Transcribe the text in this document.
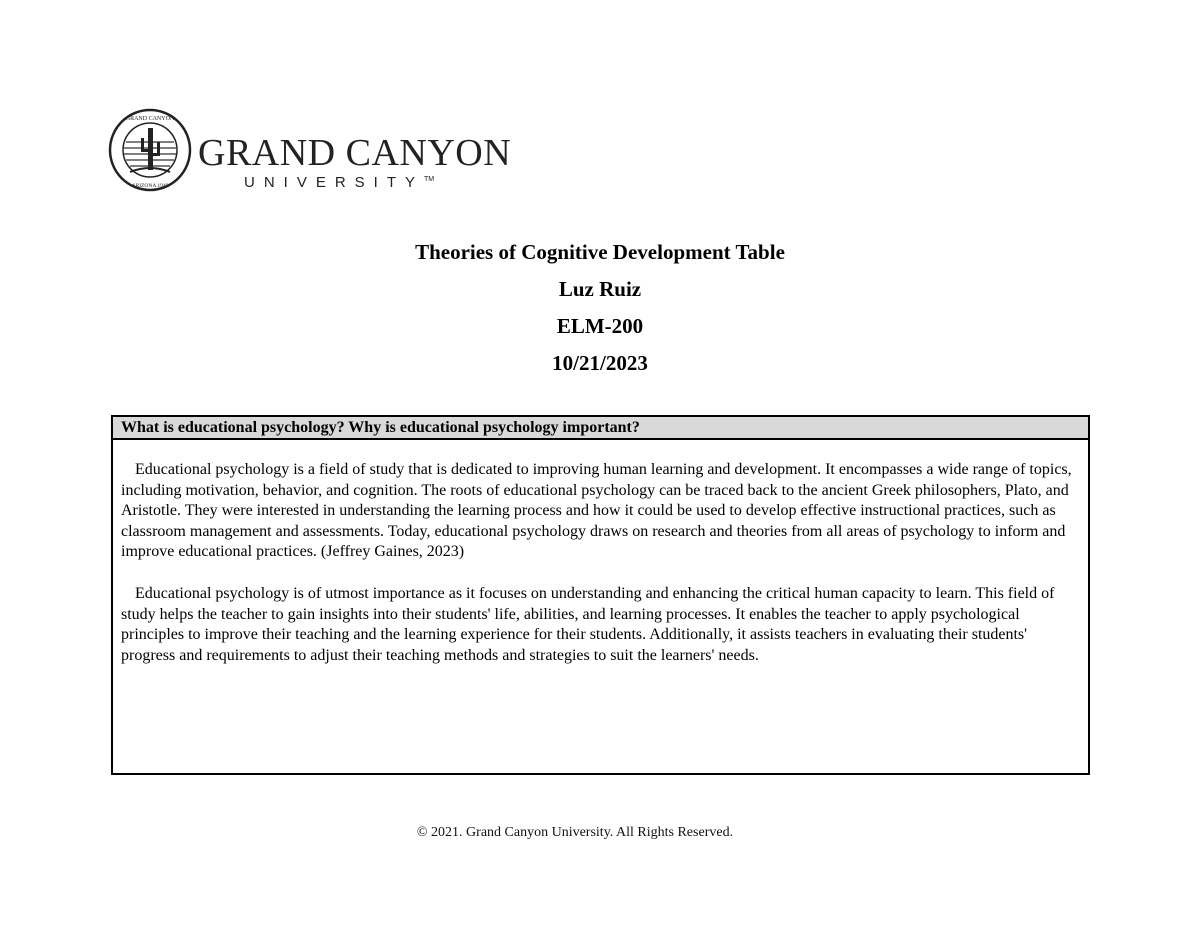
GRAND CANYON
ARIZONA 1949
GRAND CANYON
UNIVERSITY™
Theories of Cognitive Development Table
Luz Ruiz
ELM-200
10/21/2023
What is educational psychology? Why is educational psychology important?

Educational psychology is a field of study that is dedicated to improving human learning and development. It encompasses a wide range of topics, including motivation, behavior, and cognition. The roots of educational psychology can be traced back to the ancient Greek philosophers, Plato, and Aristotle. They were interested in understanding the learning process and how it could be used to develop effective instructional practices, such as classroom management and assessments. Today, educational psychology draws on research and theories from all areas of psychology to inform and improve educational practices. (Jeffrey Gaines, 2023)

Educational psychology is of utmost importance as it focuses on understanding and enhancing the critical human capacity to learn. This field of study helps the teacher to gain insights into their students' life, abilities, and learning processes. It enables the teacher to apply psychological principles to improve their teaching and the learning experience for their students. Additionally, it assists teachers in evaluating their students' progress and requirements to adjust their teaching methods and strategies to suit the learners' needs.

© 2021. Grand Canyon University. All Rights Reserved.
